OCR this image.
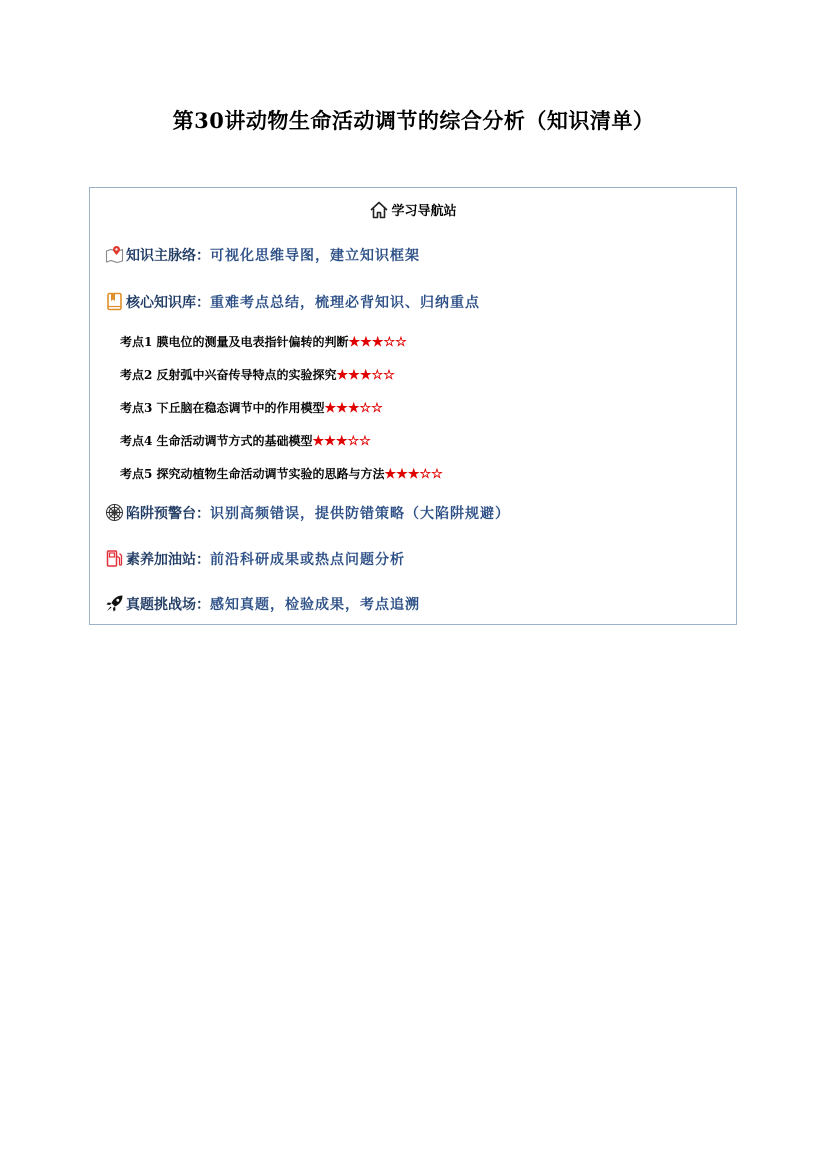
第30讲动物生命活动调节的综合分析（知识清单）
学习导航站
知识主脉络：可视化思维导图，建立知识框架
核心知识库：重难考点总结，梳理必背知识、归纳重点
考点1 膜电位的测量及电表指针偏转的判断★★★☆☆
考点2 反射弧中兴奋传导特点的实验探究★★★☆☆
考点3 下丘脑在稳态调节中的作用模型★★★☆☆
考点4 生命活动调节方式的基础模型★★★☆☆
考点5 探究动植物生命活动调节实验的思路与方法★★★☆☆
陷阱预警台：识别高频错误，提供防错策略（大陷阱规避）
素养加油站：前沿科研成果或热点问题分析
真题挑战场：感知真题，检验成果，考点追溯
